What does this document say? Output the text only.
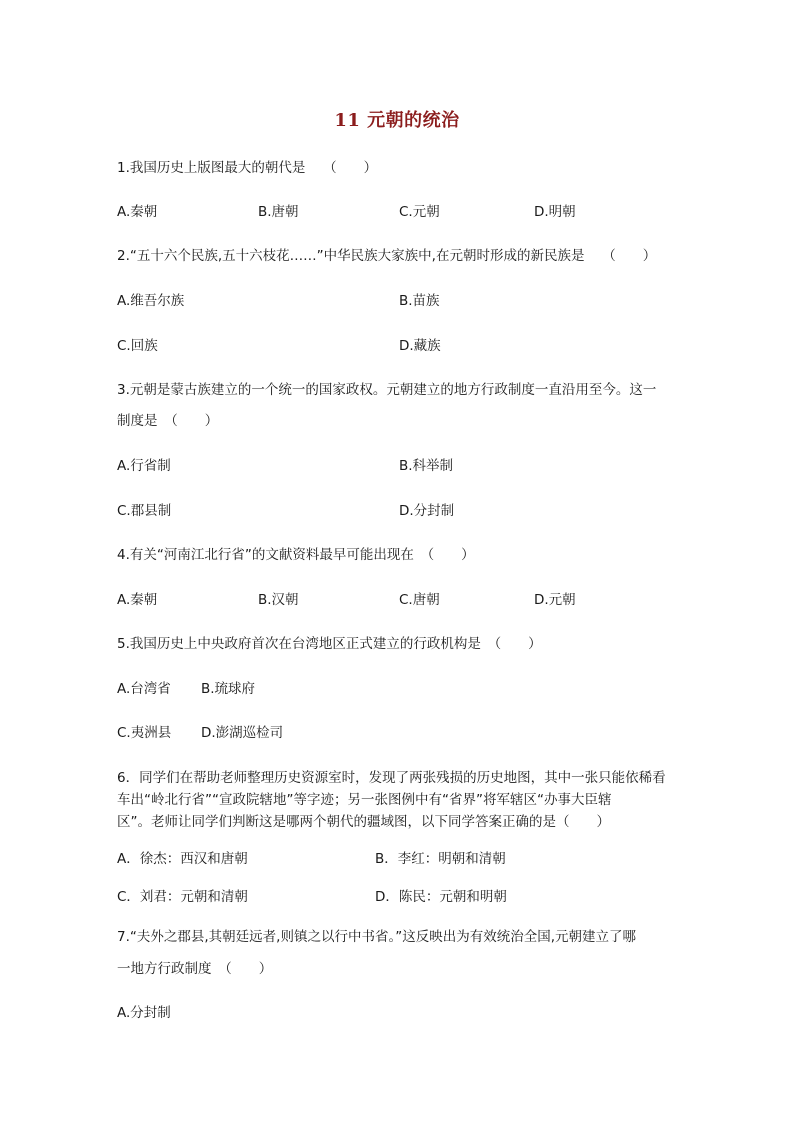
11 元朝的统治
1.我国历史上版图最大的朝代是　 （　　）
A.秦朝	B.唐朝	C.元朝	D.明朝
2.“五十六个民族,五十六枝花……”中华民族大家族中,在元朝时形成的新民族是　 （　　）
A.维吾尔族	B.苗族
C.回族	D.藏族
3.元朝是蒙古族建立的一个统一的国家政权。元朝建立的地方行政制度一直沿用至今。这一
制度是　（　　）
A.行省制	B.科举制
C.郡县制	D.分封制
4.有关“河南江北行省”的文献资料最早可能出现在　（　　）
A.秦朝	B.汉朝	C.唐朝	D.元朝
5.我国历史上中央政府首次在台湾地区正式建立的行政机构是　（　　）
A.台湾省 B.琉球府
C.夷洲县 D.澎湖巡检司
6．同学们在帮助老师整理历史资源室时，发现了两张残损的历史地图，其中一张只能依稀看
车出“岭北行省”“宣政院辖地”等字迹；另一张图例中有“省界”将军辖区“办事大臣辖
区”。老师让同学们判断这是哪两个朝代的疆域图，以下同学答案正确的是（　　）
A．徐杰：西汉和唐朝	B．李红：明朝和清朝
C．刘君：元朝和清朝	D．陈民：元朝和明朝
7.“夫外之郡县,其朝廷远者,则镇之以行中书省。”这反映出为有效统治全国,元朝建立了哪
一地方行政制度　（　　）
A.分封制
